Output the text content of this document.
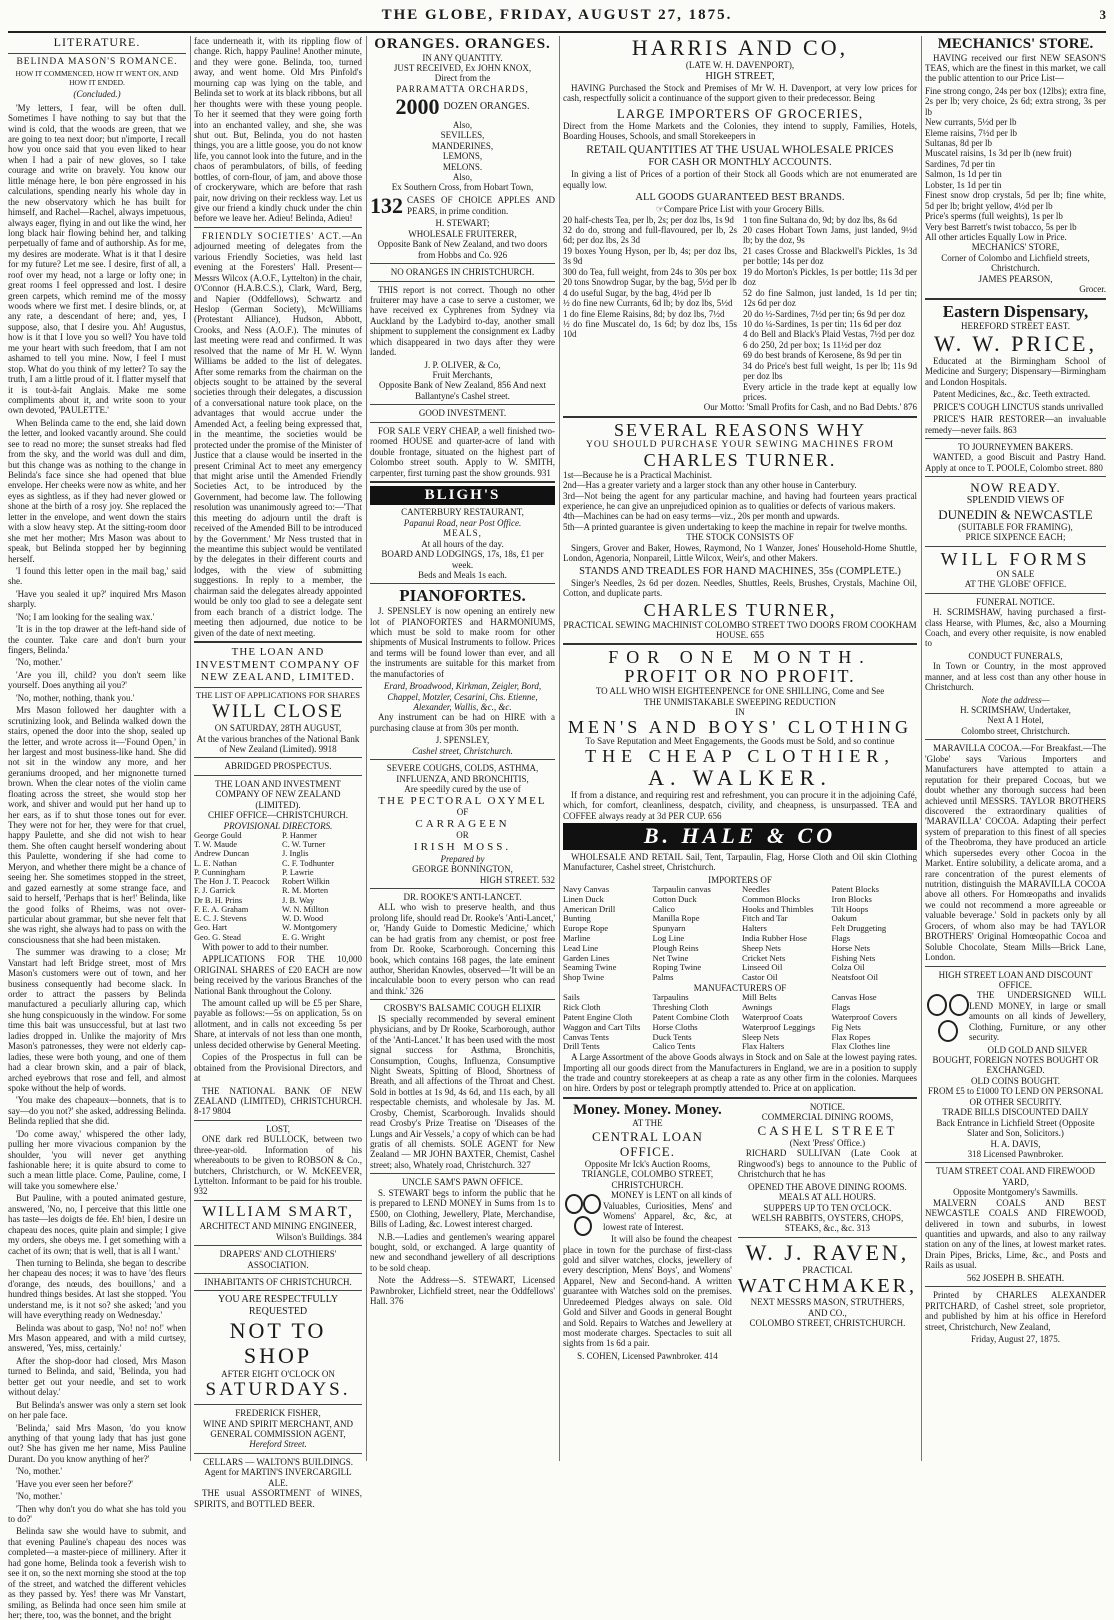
THE GLOBE, FRIDAY, AUGUST 27, 1875.	3
LITERATURE.
BELINDA MASON'S ROMANCE.
HOW IT COMMENCED, HOW IT WENT ON, AND HOW IT ENDED.
(Concluded.)

'My letters, I fear, will be often dull. Sometimes I have nothing to say but that the wind is cold, that the woods are green, that we are going to tea next door; but n'importe, I recall how you once said that you even liked to hear when I had a pair of new gloves, so I take courage and write on bravely. You know our little ménage here, le bon père engrossed in his calculations, spending nearly his whole day in the new observatory which he has built for himself, and Rachel—Rachel, always impetuous, always eager, flying in and out like the wind, her long black hair flowing behind her, and talking perpetually of fame and of authorship. As for me, my desires are moderate. What is it that I desire for my future? Let me see. I desire, first of all, a roof over my head, not a large or lofty one; in great rooms I feel oppressed and lost. I desire green carpets, which remind me of the mossy woods where we first met. I desire blinds, or, at any rate, a descendant of here; and, yes, I suppose, also, that I desire you. Ah! Augustus, how is it that I love you so well? You have told me your heart with such freedom, that I am not ashamed to tell you mine. Now, I feel I must stop. What do you think of my letter? To say the truth, I am a little proud of it. I flatter myself that it is tout-à-fait Anglais. Make me some compliments about it, and write soon to your own devoted, 'PAULETTE.'

When Belinda came to the end, she laid down the letter, and looked vacantly around. She could see to read no more; the sunset streaks had fled from the sky, and the world was dull and dim, but this change was as nothing to the change in Belinda's face since she had opened that blue envelope. Her cheeks were now as white, and her eyes as sightless, as if they had never glowed or shone at the birth of a rosy joy. She replaced the letter in the envelope, and went down the stairs with a slow heavy step. At the sitting-room door she met her mother; Mrs Mason was about to speak, but Belinda stopped her by beginning herself.

'I found this letter open in the mail bag,' said she.

'Have you sealed it up?' inquired Mrs Mason sharply.

'No; I am looking for the sealing wax.'

'It is in the top drawer at the left-hand side of the counter. Take care and don't burn your fingers, Belinda.'

'No, mother.'

'Are you ill, child? you don't seem like yourself. Does anything ail you?'

'No, mother, nothing, thank you.'

Mrs Mason followed her daughter with a scrutinizing look, and Belinda walked down the stairs, opened the door into the shop, sealed up the letter, and wrote across it—'Found Open,' in her largest and most business-like hand. She did not sit in the window any more, and her geraniums drooped, and her mignonette turned brown. When the clear notes of the violin came floating across the street, she would stop her work, and shiver and would put her hand up to her ears, as if to shut those tones out for ever. They were not for her, they were for that cruel, happy Paulette, and she did not wish to hear them. She often caught herself wondering about this Paulette, wondering if she had come to Meryon, and whether there might be a chance of seeing her. She sometimes stopped in the street, and gazed earnestly at some strange face, and said to herself, 'Perhaps that is her!' Belinda, like the good folks of Rheims, was not over-particular about grammar, but she never felt that she was right, she always had to pass on with the consciousness that she had been mistaken.

The summer was drawing to a close; Mr Vanstart had left Bridge street, most of Mrs Mason's customers were out of town, and her business consequently had become slack. In order to attract the passers by Belinda manufactured a peculiarly alluring cap, which she hung conspicuously in the window. For some time this bait was unsuccessful, but at last two ladies dropped in. Unlike the majority of Mrs Mason's patronesses, they were not elderly cap-ladies, these were both young, and one of them had a clear brown skin, and a pair of black, arched eyebrows that rose and fell, and almost spoke without the help of words.

'You make des chapeaux—bonnets, that is to say—do you not?' she asked, addressing Belinda. Belinda replied that she did.

'Do come away,' whispered the other lady, pulling her more vivacious companion by the shoulder, 'you will never get anything fashionable here; it is quite absurd to come to such a mean little place. Come, Pauline, come, I will take you somewhere else.'

But Pauline, with a pouted animated gesture, answered, 'No, no, I perceive that this little one has taste—les doigts de fée. Eh! bien, I desire un chapeau des noces, quite plain and simple; I give my orders, she obeys me. I get something with a cachet of its own; that is well, that is all I want.'

Then turning to Belinda, she began to describe her chapeau des noces; it was to have 'des fleurs d'orange, des nœuds, des bouillons,' and a hundred things besides. At last she stopped. 'You understand me, is it not so? she asked; 'and you will have everything ready on Wednesday.'

Belinda was about to gasp, 'No! no! no!' when Mrs Mason appeared, and with a mild curtsey, answered, 'Yes, miss, certainly.'

After the shop-door had closed, Mrs Mason turned to Belinda, and said, 'Belinda, you had better get out your needle, and set to work without delay.'

But Belinda's answer was only a stern set look on her pale face.

'Belinda,' said Mrs Mason, 'do you know anything of that young lady that has just gone out? She has given me her name, Miss Pauline Durant. Do you know anything of her?'

'No, mother.'

'Have you ever seen her before?'

'No, mother.'

'Then why don't you do what she has told you to do?'

Belinda saw she would have to submit, and that evening Pauline's chapeau des noces was completed—a master-piece of millinery. After it had gone home, Belinda took a feverish wish to see it on, so the next morning she stood at the top of the street, and watched the different vehicles as they passed by. Yes! there was Mr Vanstart, smiling, as Belinda had once seen him smile at her; there, too, was the bonnet, and the bright

face underneath it, with its rippling flow of change. Rich, happy Pauline! Another minute, and they were gone. Belinda, too, turned away, and went home. Old Mrs Pinfold's mourning cap was lying on the table, and Belinda set to work at its black ribbons, but all her thoughts were with these young people. To her it seemed that they were going forth into an enchanted valley, and she, she was shut out. But, Belinda, you do not hasten things, you are a little goose, you do not know life, you cannot look into the future, and in the chaos of perambulators, of bills, of feeding bottles, of corn-flour, of jam, and above those of crockeryware, which are before that rash pair, now driving on their reckless way. Let us give our friend a kindly chuck under the chin before we leave her. Adieu! Belinda, Adieu!

FRIENDLY SOCIETIES' ACT.—An adjourned meeting of delegates from the various Friendly Societies, was held last evening at the Foresters' Hall. Present—Messrs Wilcox (A.O.F., Lyttelton) in the chair, O'Connor (H.A.B.C.S.), Clark, Ward, Berg, and Napier (Oddfellows), Schwartz and Heslop (German Society), McWilliams (Protestant Alliance), Hudson, Abbott, Crooks, and Ness (A.O.F.). The minutes of last meeting were read and confirmed. It was resolved that the name of Mr H. W. Wynn Williams be added to the list of delegates. After some remarks from the chairman on the objects sought to be attained by the several societies through their delegates, a discussion of a conversational nature took place, on the advantages that would accrue under the Amended Act, a feeling being expressed that, in the meantime, the societies would be protected under the promise of the Minister of Justice that a clause would be inserted in the present Criminal Act to meet any emergency that might arise until the Amended Friendly Societies Act, to be introduced by the Government, had become law. The following resolution was unanimously agreed to:—'That this meeting do adjourn until the draft is received of the Amended Bill to be introduced by the Government.' Mr Ness trusted that in the meantime this subject would be ventilated by the delegates in their different courts and lodges, with the view of submitting suggestions. In reply to a member, the chairman said the delegates already appointed would be only too glad to see a delegate sent from each branch of a district lodge. The meeting then adjourned, due notice to be given of the date of next meeting.

THE LOAN AND INVESTMENT COMPANY OF NEW ZEALAND, LIMITED.
THE LIST OF APPLICATIONS FOR SHARES
WILL CLOSE
ON SATURDAY, 28TH AUGUST,
At the various branches of the National Bank of New Zealand (Limited). 9918
ABRIDGED PROSPECTUS.
THE LOAN AND INVESTMENT COMPANY OF NEW ZEALAND (LIMITED).
CHIEF OFFICE—CHRISTCHURCH.
PROVISIONAL DIRECTORS.
George Gould
T. W. Maude
Andrew Duncan
L. E. Nathan
P. Cunningham
The Hon J. T. Peacock
F. J. Garrick
Dr B. H. Prins
F. E. A. Graham
E. C. J. Stevens
Geo. Hart
Geo. G. Stead
P. Hanmer
C. W. Turner
J. Inglis
C. F. Todhunter
P. Lawrie
Robert Wilkin
R. M. Morten
J. B. Way
W. N. Millton
W. D. Wood
W. Montgomery
E. G. Wright

With power to add to their number.

APPLICATIONS FOR THE 10,000 ORIGINAL SHARES of £20 EACH are now being received by the various Branches of the National Bank throughout the Colony.

The amount called up will be £5 per Share, payable as follows:—5s on application, 5s on allotment, and in calls not exceeding 5s per Share, at intervals of not less than one month, unless decided otherwise by General Meeting.

Copies of the Prospectus in full can be obtained from the Provisional Directors, and at

THE NATIONAL BANK OF NEW ZEALAND (LIMITED), CHRISTCHURCH. 8-17 9804

LOST,

ONE dark red BULLOCK, between two three-year-old. Information of his whereabouts to be given to ROBSON & Co., butchers, Christchurch, or W. McKEEVER, Lyttelton. Informant to be paid for his trouble. 932

WILLIAM SMART,
ARCHITECT AND MINING ENGINEER,
Wilson's Buildings. 384
DRAPERS' AND CLOTHIERS' ASSOCIATION.
INHABITANTS OF CHRISTCHURCH.
YOU ARE RESPECTFULLY REQUESTED
NOT TO SHOP
AFTER EIGHT O'CLOCK ON
SATURDAYS.
FREDERICK FISHER,
WINE AND SPIRIT MERCHANT, AND GENERAL COMMISSION AGENT,
Hereford Street.
CELLARS — WALTON'S BUILDINGS.
Agent for MARTIN'S INVERCARGILL ALE.

THE usual ASSORTMENT of WINES, SPIRITS, and BOTTLED BEER.

ORANGES. ORANGES.
IN ANY QUANTITY.
JUST RECEIVED, Ex JOHN KNOX,
Direct from the
PARRAMATTA ORCHARDS,
2000 DOZEN ORANGES.
Also,
SEVILLES,
MANDERINES,
LEMONS,
MELONS.
Also,
Ex Southern Cross, from Hobart Town,
132 CASES OF CHOICE APPLES AND PEARS, in prime condition.
H. STEWART;
WHOLESALE FRUITERER,
Opposite Bank of New Zealand, and two doors from Hobbs and Co. 926
NO ORANGES IN CHRISTCHURCH.

THIS report is not correct. Though no other fruiterer may have a case to serve a customer, we have received ex Cyphrenes from Sydney via Auckland by the Ladybird to-day, another small shipment to supplement the consignment ex Ladby which disappeared in two days after they were landed.

J. P. OLIVER, & Co,
Fruit Merchants,
Opposite Bank of New Zealand, 856 And next Ballantyne's Cashel street.
GOOD INVESTMENT.

FOR SALE VERY CHEAP, a well finished two-roomed HOUSE and quarter-acre of land with double frontage, situated on the highest part of Colombo street south. Apply to W. SMITH, carpenter, first turning past the show grounds. 931

BLIGH'S
CANTERBURY RESTAURANT,
Papanui Road, near Post Office.
MEALS,
At all hours of the day.
BOARD AND LODGINGS, 17s, 18s, £1 per week.
Beds and Meals 1s each.
PIANOFORTES.

J. SPENSLEY is now opening an entirely new lot of PIANOFORTES and HARMONIUMS, which must be sold to make room for other shipments of Musical Instruments to follow. Prices and terms will be found lower than ever, and all the instruments are suitable for this market from the manufactories of

Erard, Broadwood, Kirkman, Zeigler, Bord, Chappel, Motzler, Cesarini, Chs. Etienne, Alexander, Wallis, &c., &c.

Any instrument can be had on HIRE with a purchasing clause at from 30s per month.

J. SPENSLEY,
Cashel street, Christchurch.
SEVERE COUGHS, COLDS, ASTHMA, INFLUENZA, AND BRONCHITIS,
Are speedily cured by the use of
THE PECTORAL OXYMEL
OF
CARRAGEEN
OR
IRISH MOSS.
Prepared by
GEORGE BONNINGTON,
HIGH STREET. 532
DR. ROOKE'S ANTI-LANCET.

ALL who wish to preserve health, and thus prolong life, should read Dr. Rooke's 'Anti-Lancet,' or, 'Handy Guide to Domestic Medicine,' which can be had gratis from any chemist, or post free from Dr. Rooke, Scarborough. Concerning this book, which contains 168 pages, the late eminent author, Sheridan Knowles, observed—'It will be an incalculable boon to every person who can read and think.' 326

CROSBY'S BALSAMIC COUGH ELIXIR

IS specially recommended by several eminent physicians, and by Dr Rooke, Scarborough, author of the 'Anti-Lancet.' It has been used with the most signal success for Asthma, Bronchitis, Consumption, Coughs, Influenza, Consumptive Night Sweats, Spitting of Blood, Shortness of Breath, and all affections of the Throat and Chest. Sold in bottles at 1s 9d, 4s 6d, and 11s each, by all respectable chemists, and wholesale by Jas. M. Crosby, Chemist, Scarborough. Invalids should read Crosby's Prize Treatise on 'Diseases of the Lungs and Air Vessels,' a copy of which can be had gratis of all chemists. SOLE AGENT for New Zealand — MR JOHN BAXTER, Chemist, Cashel street; also, Whately road, Christchurch. 327

UNCLE SAM'S PAWN OFFICE.

S. STEWART begs to inform the public that he is prepared to LEND MONEY in Sums from 1s to £500, on Clothing, Jewellery, Plate, Merchandise, Bills of Lading, &c. Lowest interest charged.

N.B.—Ladies and gentlemen's wearing apparel bought, sold, or exchanged. A large quantity of new and secondhand jewellery of all descriptions to be sold cheap.

Note the Address—S. STEWART, Licensed Pawnbroker, Lichfield street, near the Oddfellows' Hall. 376

HARRIS AND CO,
(LATE W. H. DAVENPORT),
HIGH STREET,

HAVING Purchased the Stock and Premises of Mr W. H. Davenport, at very low prices for cash, respectfully solicit a continuance of the support given to their predecessor. Being

LARGE IMPORTERS OF GROCERIES,

Direct from the Home Markets and the Colonies, they intend to supply, Families, Hotels, Boarding Houses, Schools, and small Storekeepers in

RETAIL QUANTITIES AT THE USUAL WHOLESALE PRICES
FOR CASH OR MONTHLY ACCOUNTS.

In giving a list of Prices of a portion of their Stock all Goods which are not enumerated are equally low.

ALL GOODS GUARANTEED BEST BRANDS.
☞Compare Price List with your Grocery Bills.
20 half-chests Tea, per lb, 2s; per doz lbs, 1s 9d
32 do do, strong and full-flavoured, per lb, 2s 6d; per doz lbs, 2s 3d
19 boxes Young Hyson, per lb, 4s; per doz lbs, 3s 9d
300 do Tea, full weight, from 24s to 30s per box
20 tons Snowdrop Sugar, by the bag, 5½d per lb
4 do useful Sugar, by the bag, 4½d per lb
½ do fine new Currants, 6d lb; by doz lbs, 5½d
1 do fine Eleme Raisins, 8d; by doz lbs, 7½d
½ do fine Muscatel do, 1s 6d; by doz lbs, 15s 10d
1 ton fine Sultana do, 9d; by doz lbs, 8s 6d
20 cases Hobart Town Jams, just landed, 9½d lb; by the doz, 9s
21 cases Crosse and Blackwell's Pickles, 1s 3d per bottle; 14s per doz
19 do Morton's Pickles, 1s per bottle; 11s 3d per doz
52 do fine Salmon, just landed, 1s 1d per tin; 12s 6d per doz
20 do ½-Sardines, 7½d per tin; 6s 9d per doz
10 do ¼-Sardines, 1s per tin; 11s 6d per doz
4 do Bell and Black's Plaid Vestas, 7½d per doz
6 do 250, 2d per box; 1s 11½d per doz
69 do best brands of Kerosene, 8s 9d per tin
34 do Price's best full weight, 1s per lb; 11s 9d per doz lbs
Every article in the trade kept at equally low prices.
Our Motto: 'Small Profits for Cash, and no Bad Debts.' 876
SEVERAL REASONS WHY
YOU SHOULD PURCHASE YOUR SEWING MACHINES FROM
CHARLES TURNER.
1st—Because he is a Practical Machinist.
2nd—Has a greater variety and a larger stock than any other house in Canterbury.
3rd—Not being the agent for any particular machine, and having had fourteen years practical experience, he can give an unprejudiced opinion as to qualities or defects of various makers.
4th—Machines can be had on easy terms—viz., 20s per month and upwards.
5th—A printed guarantee is given undertaking to keep the machine in repair for twelve months.
THE STOCK CONSISTS OF

Singers, Grover and Baker, Howes, Raymond, No 1 Wanzer, Jones' Household-Home Shuttle, London, Agenoria, Nonpareil, Little Wilcox, Weir's, and other Makers.

STANDS AND TREADLES FOR HAND MACHINES, 35s (COMPLETE.)

Singer's Needles, 2s 6d per dozen. Needles, Shuttles, Reels, Brushes, Crystals, Machine Oil, Cotton, and duplicate parts.

CHARLES TURNER,
PRACTICAL SEWING MACHINIST COLOMBO STREET TWO DOORS FROM COOKHAM HOUSE. 655
FOR ONE MONTH.
PROFIT OR NO PROFIT.
TO ALL WHO WISH EIGHTEENPENCE for ONE SHILLING, Come and See
THE UNMISTAKABLE SWEEPING REDUCTION
IN
MEN'S AND BOYS' CLOTHING
To Save Reputation and Meet Engagements, the Goods must be Sold, and so continue
THE CHEAP CLOTHIER,
A. WALKER.

If from a distance, and requiring rest and refreshment, you can procure it in the adjoining Café, which, for comfort, cleanliness, despatch, civility, and cheapness, is unsurpassed. TEA and COFFEE always ready at 3d PER CUP. 656

B. HALE & CO

WHOLESALE AND RETAIL Sail, Tent, Tarpaulin, Flag, Horse Cloth and Oil skin Clothing Manufacturer, Cashel street, Christchurch.

IMPORTERS OF
Navy Canvas	Tarpaulin canvas	Needles	Patent Blocks
Linen Duck	Cotton Duck	Common Blocks	Iron Blocks
American Drill	Calico	Hooks and Thimbles	Tilt Hoops
Bunting	Manilla Rope	Fitch and Tar	Oakum
Europe Rope	Spunyarn	Halters	Felt Druggeting
Marline	Log Line	India Rubber Hose	Flags
Lead Line	Plough Reins	Sheep Nets	Horse Nets
Garden Lines	Net Twine	Cricket Nets	Fishing Nets
Seaming Twine	Roping Twine	Linseed Oil	Colza Oil
Shop Twine	Palms	Castor Oil	Neatsfoot Oil
MANUFACTURERS OF
Sails	Tarpaulins	Mill Belts	Canvas Hose
Rick Cloth	Threshing Cloth	Awnings	Flags
Patent Engine Cloth	Patent Combine Cloth	Waterproof Coats	Waterproof Covers
Waggon and Cart Tilts	Horse Cloths	Waterproof Leggings	Fig Nets
Canvas Tents	Duck Tents	Sleep Nets	Flax Ropes
Drill Tents	Calico Tents	Flax Halters	Flax Clothes line

A Large Assortment of the above Goods always in Stock and on Sale at the lowest paying rates. Importing all our goods direct from the Manufacturers in England, we are in a position to supply the trade and country storekeepers at as cheap a rate as any other firm in the colonies. Marquees on hire. Orders by post or telegraph promptly attended to. Price at on application.

Money. Money. Money.
AT THE
CENTRAL LOAN OFFICE.
Opposite Mr Ick's Auction Rooms,
TRIANGLE, COLOMBO STREET,
CHRISTCHURCH.

MONEY is LENT on all kinds of Valuables, Curiosities, Mens' and Womens' Apparel, &c, &c, at lowest rate of Interest.

It will also be found the cheapest place in town for the purchase of first-class gold and silver watches, clocks, jewellery of every description, Mens' Boys', and Womens' Apparel, New and Second-hand. A written guarantee with Watches sold on the premises. Unredeemed Pledges always on sale. Old Gold and Silver and Goods in general Bought and Sold. Repairs to Watches and Jewellery at most moderate charges. Spectacles to suit all sights from 1s 6d a pair.

S. COHEN, Licensed Pawnbroker. 414
NOTICE.
COMMERCIAL DINING ROOMS,
CASHEL STREET
(Next 'Press' Office.)

RICHARD SULLIVAN (Late Cook at Ringwood's) begs to announce to the Public of Christchurch that he has

OPENED THE ABOVE DINING ROOMS.
MEALS AT ALL HOURS.
SUPPERS UP TO TEN O'CLOCK.
WELSH RABBITS, OYSTERS, CHOPS,
STEAKS, &c., &c. 313
W. J. RAVEN,
PRACTICAL
WATCHMAKER,
NEXT MESSRS MASON, STRUTHERS,
AND CO.,
COLOMBO STREET, CHRISTCHURCH.
MECHANICS' STORE.

HAVING received our first NEW SEASON'S TEAS, which are the finest in this market, we call the public attention to our Price List—

Fine strong congo, 24s per box (12lbs); extra fine, 2s per lb; very choice, 2s 6d; extra strong, 3s per lb
New currants, 5½d per lb
Eleme raisins, 7½d per lb
Sultanas, 8d per lb
Muscatel raisins, 1s 3d per lb (new fruit)
Sardines, 7d per tin
Salmon, 1s 1d per tin
Lobster, 1s 1d per tin
Finest snow drop crystals, 5d per lb; fine white, 5d per lb; bright yellow, 4½d per lb
Price's sperms (full weights), 1s per lb
Very best Barrett's twist tobacco, 5s per lb
All other articles Equally Low in Price.
MECHANICS' STORE,
Corner of Colombo and Lichfield streets, Christchurch.
JAMES PEARSON,
Grocer.
Eastern Dispensary,
HEREFORD STREET EAST.
W. W. PRICE,

Educated at the Birmingham School of Medicine and Surgery; Dispensary—Birmingham and London Hospitals.

Patent Medicines, &c., &c. Teeth extracted.

PRICE'S COUGH LINCTUS stands unrivalled

PRICE'S HAIR RESTORER—an invaluable remedy—never fails. 863

TO JOURNEYMEN BAKERS.

WANTED, a good Biscuit and Pastry Hand. Apply at once to T. POOLE, Colombo street. 880

NOW READY.
SPLENDID VIEWS OF
DUNEDIN & NEWCASTLE
(SUITABLE FOR FRAMING),
PRICE SIXPENCE EACH;
WILL FORMS
ON SALE
AT THE 'GLOBE' OFFICE.
FUNERAL NOTICE.

H. SCRIMSHAW, having purchased a first-class Hearse, with Plumes, &c, also a Mourning Coach, and every other requisite, is now enabled to

CONDUCT FUNERALS,

In Town or Country, in the most approved manner, and at less cost than any other house in Christchurch.

Note the address—
H. SCRIMSHAW, Undertaker,
Next A 1 Hotel,
Colombo street, Christchurch.

MARAVILLA COCOA.—For Breakfast.—The 'Globe' says 'Various Importers and Manufacturers have attempted to attain a reputation for their prepared Cocoas, but we doubt whether any thorough success had been achieved until MESSRS. TAYLOR BROTHERS discovered the extraordinary qualities of 'MARAVILLA' COCOA. Adapting their perfect system of preparation to this finest of all species of the Theobroma, they have produced an article which supersedes every other Cocoa in the Market. Entire solubility, a delicate aroma, and a rare concentration of the purest elements of nutrition, distinguish the MARAVILLA COCOA above all others. For Homœopaths and invalids we could not recommend a more agreeable or valuable beverage.' Sold in packets only by all Grocers, of whom also may be had TAYLOR BROTHERS' Original Homœopathic Cocoa and Soluble Chocolate, Steam Mills—Brick Lane, London.

HIGH STREET LOAN AND DISCOUNT OFFICE.

THE UNDERSIGNED WILL LEND MONEY, in large or small amounts on all kinds of Jewellery, Clothing, Furniture, or any other security.

OLD GOLD AND SILVER BOUGHT, FOREIGN NOTES BOUGHT OR EXCHANGED.
OLD COINS BOUGHT.
FROM £5 to £1000 TO LEND ON PERSONAL OR OTHER SECURITY.
TRADE BILLS DISCOUNTED DAILY
Back Entrance in Lichfield Street (Opposite Slater and Son, Solicitors.)
H. A. DAVIS,
318 Licensed Pawnbroker.
TUAM STREET COAL AND FIREWOOD YARD,
Opposite Montgomery's Sawmills.

MALVERN COALS AND BEST NEWCASTLE COALS AND FIREWOOD, delivered in town and suburbs, in lowest quantities and upwards, and also to any railway station on any of the lines, at lowest market rates. Drain Pipes, Bricks, Lime, &c., and Posts and Rails as usual.

562 JOSEPH B. SHEATH.

Printed by CHARLES ALEXANDER PRITCHARD, of Cashel street, sole proprietor, and published by him at his office in Hereford street, Christchurch, New Zealand,

Friday, August 27, 1875.
